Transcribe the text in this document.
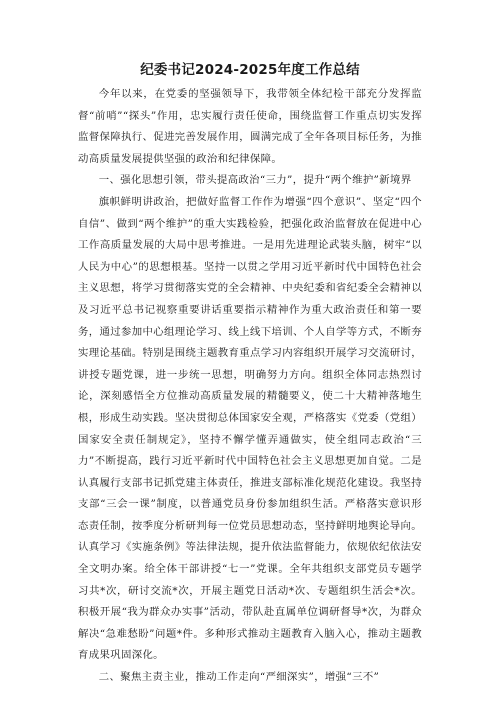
纪委书记2024-2025年度工作总结

今年以来，在党委的坚强领导下，我带领全体纪检干部充分发挥监督“前哨”“探头”作用，忠实履行责任使命，围绕监督工作重点切实发挥监督保障执行、促进完善发展作用，圆满完成了全年各项目标任务，为推动高质量发展提供坚强的政治和纪律保障。

一、强化思想引领，带头提高政治“三力”，提升“两个维护”新境界

旗帜鲜明讲政治，把做好监督工作作为增强“四个意识”、坚定“四个自信”、做到“两个维护”的重大实践检验，把强化政治监督放在促进中心工作高质量发展的大局中思考推进。一是用先进理论武装头脑，树牢“以人民为中心”的思想根基。坚持一以贯之学用习近平新时代中国特色社会主义思想，将学习贯彻落实党的全会精神、中央纪委和省纪委全会精神以及习近平总书记视察重要讲话重要指示精神作为重大政治责任和第一要务，通过参加中心组理论学习、线上线下培训、个人自学等方式，不断夯实理论基础。特别是围绕主题教育重点学习内容组织开展学习交流研讨，讲授专题党课，进一步统一思想，明确努力方向。组织全体同志热烈讨论，深刻感悟全方位推动高质量发展的精髓要义，使二十大精神落地生根，形成生动实践。坚决贯彻总体国家安全观，严格落实《党委（党组）国家安全责任制规定》，坚持不懈学懂弄通做实，使全组同志政治“三力”不断提高，践行习近平新时代中国特色社会主义思想更加自觉。二是认真履行支部书记抓党建主体责任，推进支部标准化规范化建设。我坚持支部“三会一课”制度，以普通党员身份参加组织生活。严格落实意识形态责任制，按季度分析研判每一位党员思想动态，坚持鲜明地舆论导向。认真学习《实施条例》等法律法规，提升依法监督能力，依规依纪依法安全文明办案。给全体干部讲授“七一”党课。全年共组织支部党员专题学习共*次，研讨交流*次，开展主题党日活动*次、专题组织生活会*次。积极开展“我为群众办实事”活动，带队赴直属单位调研督导*次，为群众解决“急难愁盼”问题*件。多种形式推动主题教育入脑入心，推动主题教育成果巩固深化。

二、聚焦主责主业，推动工作走向“严细深实”，增强“三不”
